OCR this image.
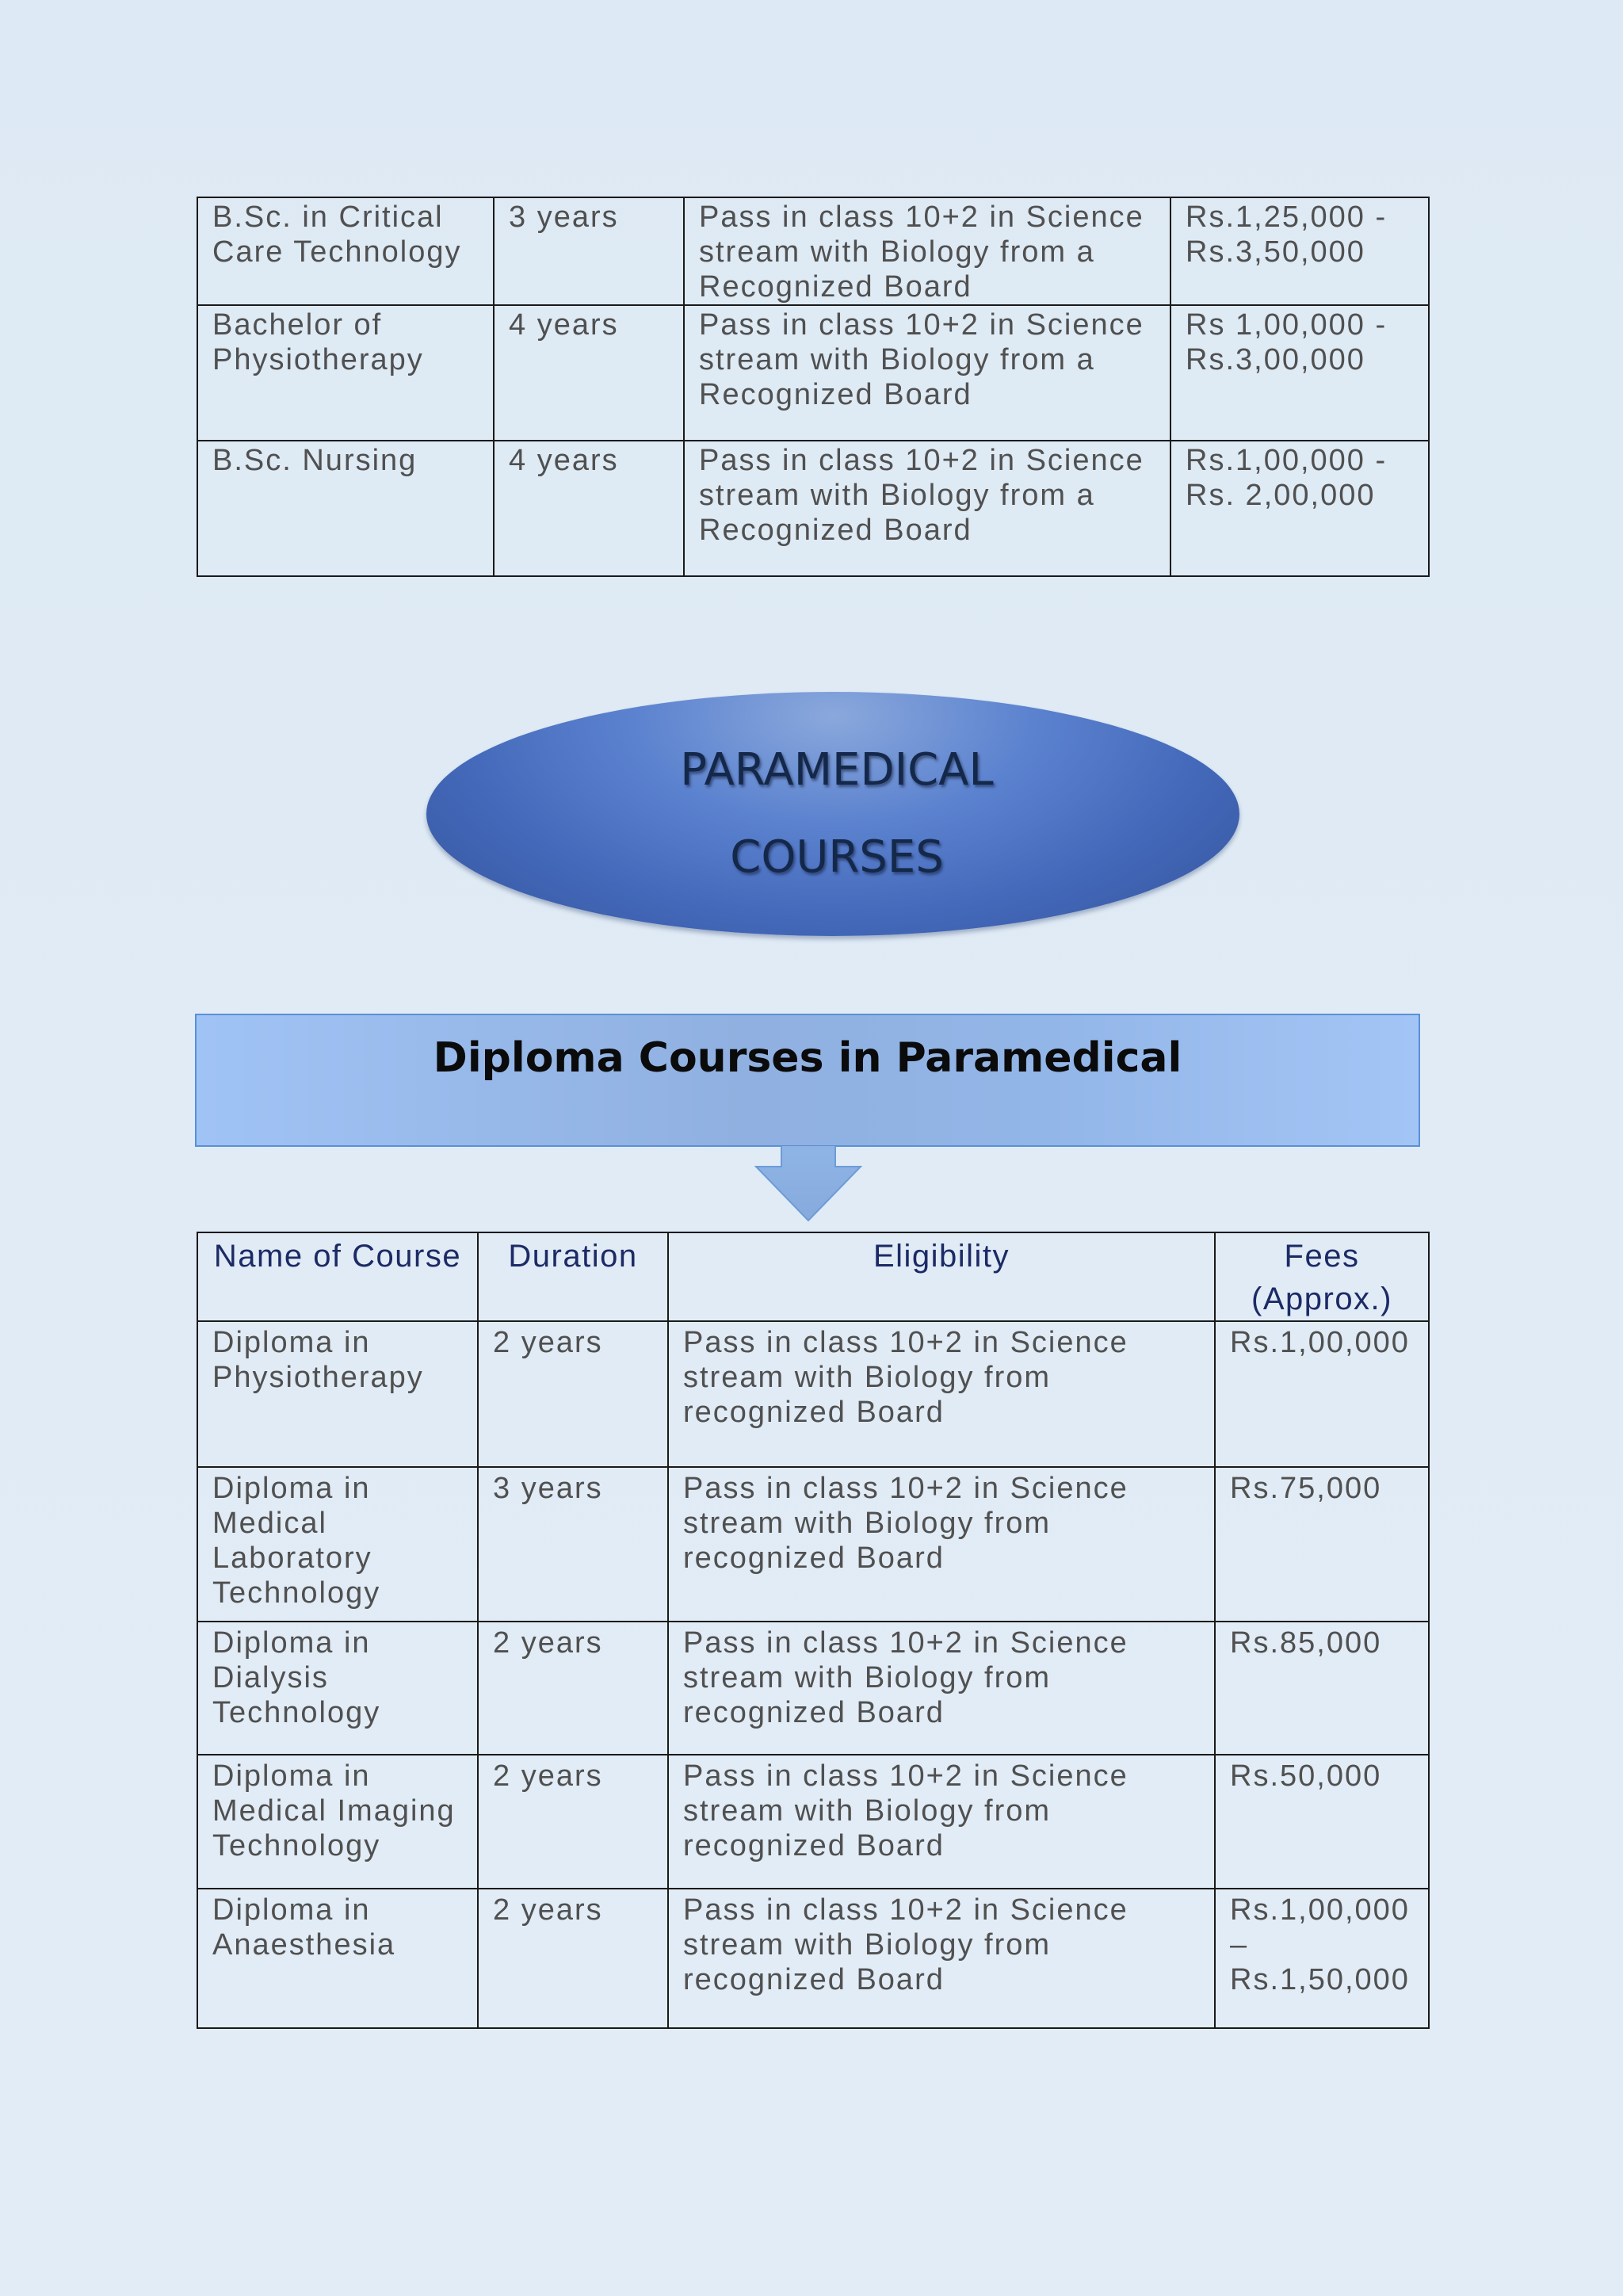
B.Sc. in Critical Care Technology	3 years	Pass in class 10+2 in Science stream with Biology from a Recognized Board	Rs.1,25,000 - Rs.3,50,000
Bachelor of Physiotherapy	4 years	Pass in class 10+2 in Science stream with Biology from a Recognized Board	Rs 1,00,000 - Rs.3,00,000
B.Sc. Nursing	4 years	Pass in class 10+2 in Science stream with Biology from a Recognized Board	Rs.1,00,000 - Rs. 2,00,000
PARAMEDICAL COURSES
Diploma Courses in Paramedical
Name of Course	Duration	Eligibility	Fees (Approx.)
Diploma in Physiotherapy	2 years	Pass in class 10+2 in Science stream with Biology from recognized Board	Rs.1,00,000
Diploma in Medical Laboratory Technology	3 years	Pass in class 10+2 in Science stream with Biology from recognized Board	Rs.75,000
Diploma in Dialysis Technology	2 years	Pass in class 10+2 in Science stream with Biology from recognized Board	Rs.85,000
Diploma in Medical Imaging Technology	2 years	Pass in class 10+2 in Science stream with Biology from recognized Board	Rs.50,000
Diploma in Anaesthesia	2 years	Pass in class 10+2 in Science stream with Biology from recognized Board	Rs.1,00,000 – Rs.1,50,000
